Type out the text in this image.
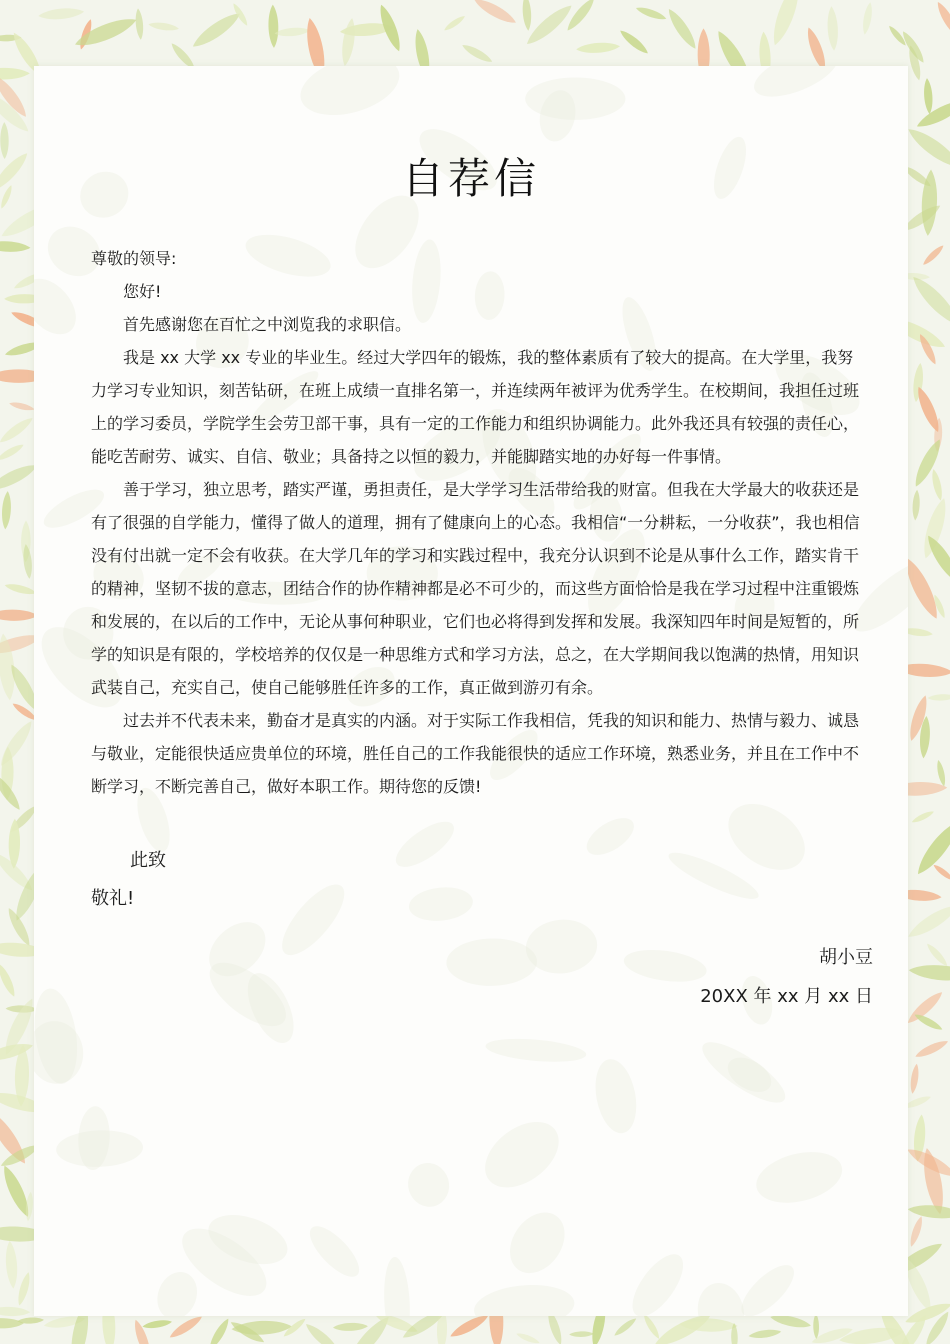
自荐信

尊敬的领导:

您好!

首先感谢您在百忙之中浏览我的求职信。

我是 xx 大学 xx 专业的毕业生。经过大学四年的锻炼，我的整体素质有了较大的提高。在大学里，我努力学习专业知识，刻苦钻研，在班上成绩一直排名第一，并连续两年被评为优秀学生。在校期间，我担任过班上的学习委员，学院学生会劳卫部干事，具有一定的工作能力和组织协调能力。此外我还具有较强的责任心，能吃苦耐劳、诚实、自信、敬业；具备持之以恒的毅力，并能脚踏实地的办好每一件事情。

善于学习，独立思考，踏实严谨，勇担责任，是大学学习生活带给我的财富。但我在大学最大的收获还是有了很强的自学能力，懂得了做人的道理，拥有了健康向上的心态。我相信“一分耕耘，一分收获”，我也相信没有付出就一定不会有收获。在大学几年的学习和实践过程中，我充分认识到不论是从事什么工作，踏实肯干的精神，坚韧不拔的意志，团结合作的协作精神都是必不可少的，而这些方面恰恰是我在学习过程中注重锻炼和发展的，在以后的工作中，无论从事何种职业，它们也必将得到发挥和发展。我深知四年时间是短暂的，所学的知识是有限的，学校培养的仅仅是一种思维方式和学习方法，总之，在大学期间我以饱满的热情，用知识武装自己，充实自己，使自己能够胜任许多的工作，真正做到游刃有余。

过去并不代表未来，勤奋才是真实的内涵。对于实际工作我相信，凭我的知识和能力、热情与毅力、诚恳与敬业，定能很快适应贵单位的环境，胜任自己的工作我能很快的适应工作环境，熟悉业务，并且在工作中不断学习，不断完善自己，做好本职工作。期待您的反馈!

此致
敬礼!
胡小豆
20XX 年 xx 月 xx 日
